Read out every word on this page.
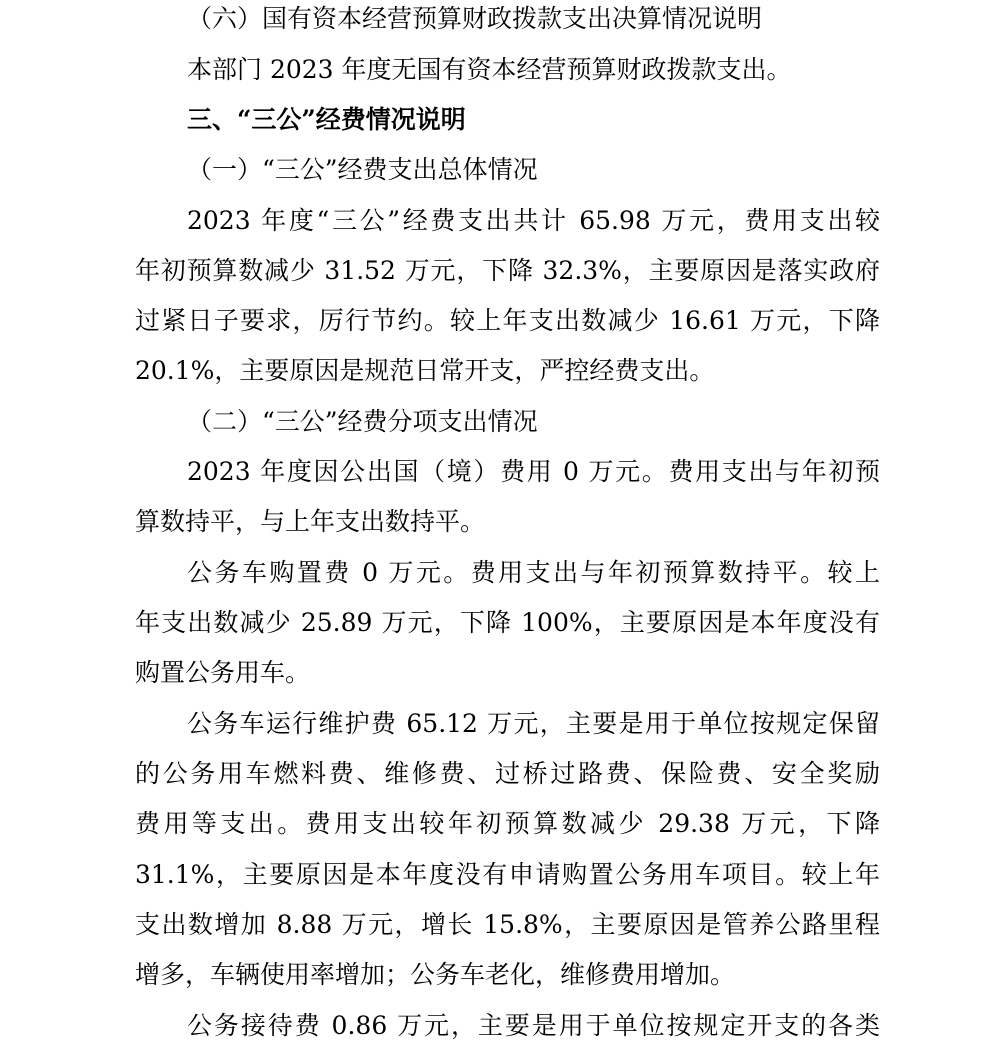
（六）国有资本经营预算财政拨款支出决算情况说明
本部门 2023 年度无国有资本经营预算财政拨款支出。
三、“三公”经费情况说明
（一）“三公”经费支出总体情况
2023 年度“三公”经费支出共计 65.98 万元，费用支出较
年初预算数减少 31.52 万元，下降 32.3%，主要原因是落实政府
过紧日子要求，厉行节约。较上年支出数减少 16.61 万元，下降
20.1%，主要原因是规范日常开支，严控经费支出。
（二）“三公”经费分项支出情况
2023 年度因公出国（境）费用 0 万元。费用支出与年初预
算数持平，与上年支出数持平。
公务车购置费 0 万元。费用支出与年初预算数持平。较上
年支出数减少 25.89 万元，下降 100%，主要原因是本年度没有
购置公务用车。
公务车运行维护费 65.12 万元，主要是用于单位按规定保留
的公务用车燃料费、维修费、过桥过路费、保险费、安全奖励
费用等支出。费用支出较年初预算数减少 29.38 万元，下降
31.1%，主要原因是本年度没有申请购置公务用车项目。较上年
支出数增加 8.88 万元，增长 15.8%，主要原因是管养公路里程
增多，车辆使用率增加；公务车老化，维修费用增加。
公务接待费 0.86 万元，主要是用于单位按规定开支的各类
